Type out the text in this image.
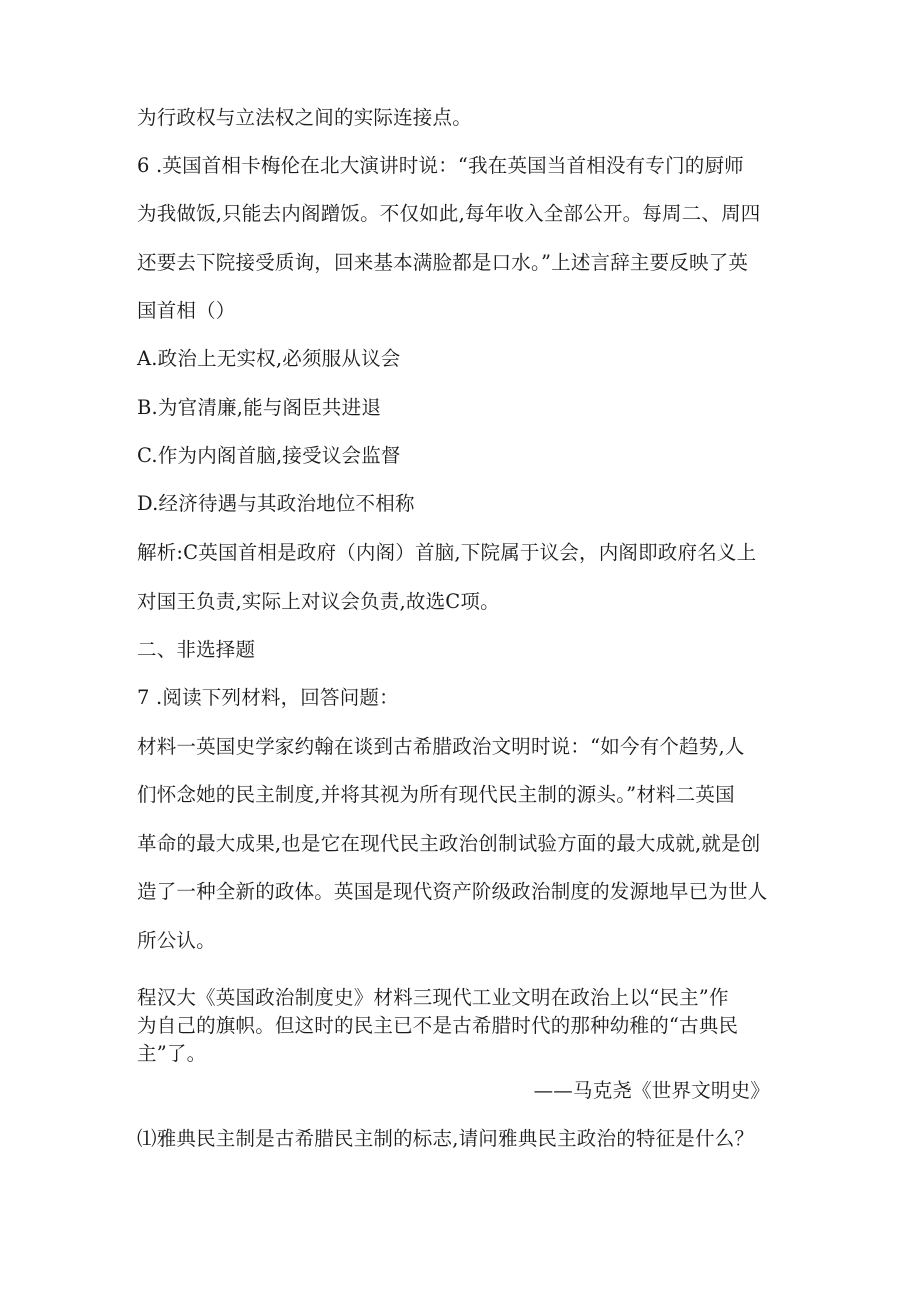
为行政权与立法权之间的实际连接点。
6 .英国首相卡梅伦在北大演讲时说：“我在英国当首相没有专门的厨师
为我做饭,只能去内阁蹭饭。不仅如此,每年收入全部公开。每周二、周四
还要去下院接受质询，回来基本满脸都是口水。”上述言辞主要反映了英
国首相（）
A.政治上无实权,必须服从议会
B.为官清廉,能与阁臣共进退
C.作为内阁首脑,接受议会监督
D.经济待遇与其政治地位不相称
解析:C英国首相是政府（内阁）首脑,下院属于议会，内阁即政府名义上
对国王负责,实际上对议会负责,故选C项。
二、非选择题
7 .阅读下列材料，回答问题：
材料一英国史学家约翰在谈到古希腊政治文明时说：“如今有个趋势,人
们怀念她的民主制度,并将其视为所有现代民主制的源头。”材料二英国
革命的最大成果,也是它在现代民主政治创制试验方面的最大成就,就是创
造了一种全新的政体。英国是现代资产阶级政治制度的发源地早已为世人
所公认。
程汉大《英国政治制度史》材料三现代工业文明在政治上以“民主”作
为自己的旗帜。但这时的民主已不是古希腊时代的那种幼稚的“古典民
主”了。
——马克尧《世界文明史》
⑴雅典民主制是古希腊民主制的标志,请问雅典民主政治的特征是什么？
